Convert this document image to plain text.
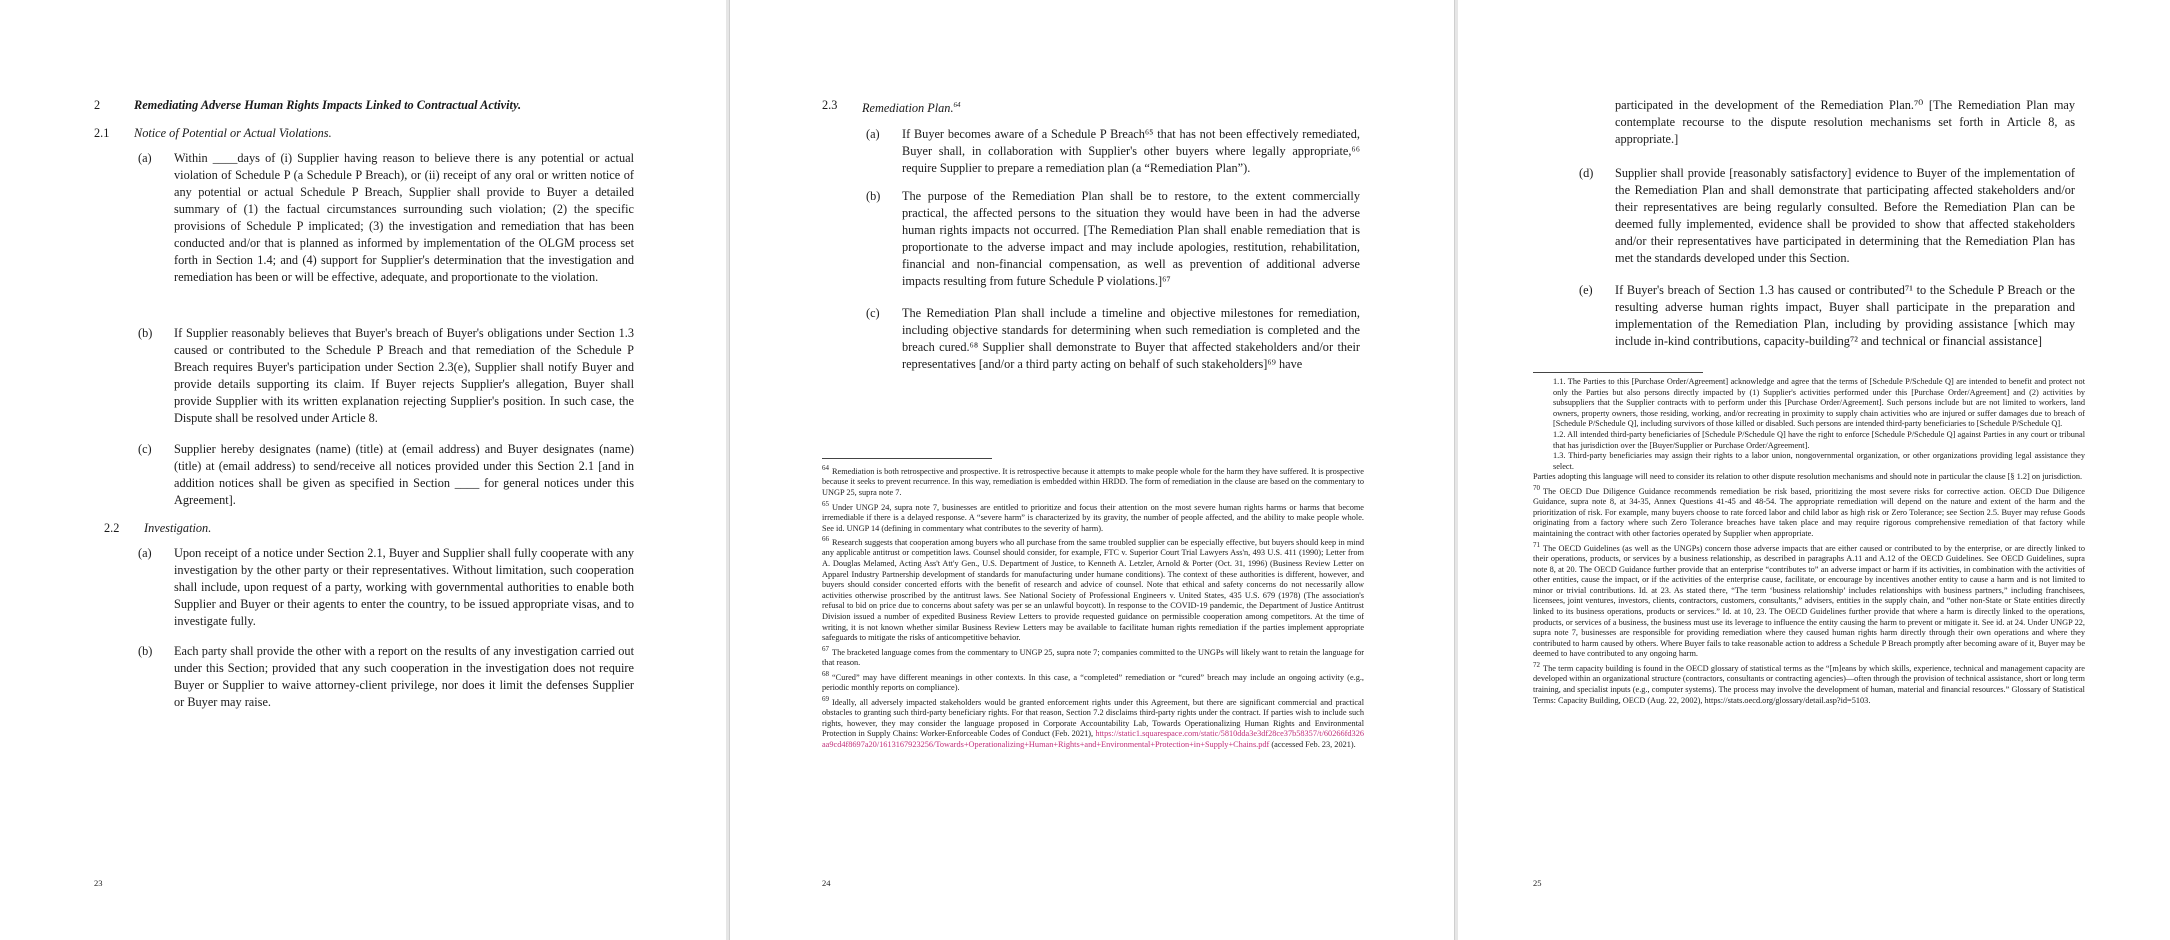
2	Remediating Adverse Human Rights Impacts Linked to Contractual Activity.
2.1 Notice of Potential or Actual Violations.
(a) Within ____days of (i) Supplier having reason to believe there is any potential or actual violation of Schedule P (a Schedule P Breach), or (ii) receipt of any oral or written notice of any potential or actual Schedule P Breach, Supplier shall provide to Buyer a detailed summary of (1) the factual circumstances surrounding such violation; (2) the specific provisions of Schedule P implicated; (3) the investigation and remediation that has been conducted and/or that is planned as informed by implementation of the OLGM process set forth in Section 1.4; and (4) support for Supplier's determination that the investigation and remediation has been or will be effective, adequate, and proportionate to the violation.
(b) If Supplier reasonably believes that Buyer's breach of Buyer's obligations under Section 1.3 caused or contributed to the Schedule P Breach and that remediation of the Schedule P Breach requires Buyer's participation under Section 2.3(e), Supplier shall notify Buyer and provide details supporting its claim. If Buyer rejects Supplier's allegation, Buyer shall provide Supplier with its written explanation rejecting Supplier's position. In such case, the Dispute shall be resolved under Article 8.
(c) Supplier hereby designates (name) (title) at (email address) and Buyer designates (name) (title) at (email address) to send/receive all notices provided under this Section 2.1 [and in addition notices shall be given as specified in Section ____ for general notices under this Agreement].
2.2 Investigation.
(a) Upon receipt of a notice under Section 2.1, Buyer and Supplier shall fully cooperate with any investigation by the other party or their representatives. Without limitation, such cooperation shall include, upon request of a party, working with governmental authorities to enable both Supplier and Buyer or their agents to enter the country, to be issued appropriate visas, and to investigate fully.
(b) Each party shall provide the other with a report on the results of any investigation carried out under this Section; provided that any such cooperation in the investigation does not require Buyer or Supplier to waive attorney-client privilege, nor does it limit the defenses Supplier or Buyer may raise.
23
2.3 Remediation Plan.$^{64}$
(a) If Buyer becomes aware of a Schedule P Breach⁶⁵ that has not been effectively remediated, Buyer shall, in collaboration with Supplier's other buyers where legally appropriate,⁶⁶ require Supplier to prepare a remediation plan (a “Remediation Plan”).
(b) The purpose of the Remediation Plan shall be to restore, to the extent commercially practical, the affected persons to the situation they would have been in had the adverse human rights impacts not occurred. [The Remediation Plan shall enable remediation that is proportionate to the adverse impact and may include apologies, restitution, rehabilitation, financial and non-financial compensation, as well as prevention of additional adverse impacts resulting from future Schedule P violations.]⁶⁷
(c) The Remediation Plan shall include a timeline and objective milestones for remediation, including objective standards for determining when such remediation is completed and the breach cured.⁶⁸ Supplier shall demonstrate to Buyer that affected stakeholders and/or their representatives [and/or a third party acting on behalf of such stakeholders]⁶⁹ have
$^{64}$ Remediation is both retrospective and prospective. It is retrospective because it attempts to make people whole for the harm they have suffered. It is prospective because it seeks to prevent recurrence. In this way, remediation is embedded within HRDD. The form of remediation in the clause are based on the commentary to UNGP 25, supra note 7.
$^{65}$ Under UNGP 24, supra note 7, businesses are entitled to prioritize and focus their attention on the most severe human rights harms or harms that become irremediable if there is a delayed response. A “severe harm” is characterized by its gravity, the number of people affected, and the ability to make people whole. See id. UNGP 14 (defining in commentary what contributes to the severity of harm).
$^{66}$ Research suggests that cooperation among buyers who all purchase from the same troubled supplier can be especially effective, but buyers should keep in mind any applicable antitrust or competition laws. Counsel should consider, for example, FTC v. Superior Court Trial Lawyers Ass'n, 493 U.S. 411 (1990); Letter from A. Douglas Melamed, Acting Ass't Att'y Gen., U.S. Department of Justice, to Kenneth A. Letzler, Arnold & Porter (Oct. 31, 1996) (Business Review Letter on Apparel Industry Partnership development of standards for manufacturing under humane conditions). The context of these authorities is different, however, and buyers should consider concerted efforts with the benefit of research and advice of counsel. Note that ethical and safety concerns do not necessarily allow activities otherwise proscribed by the antitrust laws. See National Society of Professional Engineers v. United States, 435 U.S. 679 (1978) (The association's refusal to bid on price due to concerns about safety was per se an unlawful boycott). In response to the COVID-19 pandemic, the Department of Justice Antitrust Division issued a number of expedited Business Review Letters to provide requested guidance on permissible cooperation among competitors. At the time of writing, it is not known whether similar Business Review Letters may be available to facilitate human rights remediation if the parties implement appropriate safeguards to mitigate the risks of anticompetitive behavior.
$^{67}$ The bracketed language comes from the commentary to UNGP 25, supra note 7; companies committed to the UNGPs will likely want to retain the language for that reason.
$^{68}$ “Cured” may have different meanings in other contexts. In this case, a “completed” remediation or “cured” breach may include an ongoing activity (e.g., periodic monthly reports on compliance).
$^{69}$ Ideally, all adversely impacted stakeholders would be granted enforcement rights under this Agreement, but there are significant commercial and practical obstacles to granting such third-party beneficiary rights. For that reason, Section 7.2 disclaims third-party rights under the contract. If parties wish to include such rights, however, they may consider the language proposed in Corporate Accountability Lab, Towards Operationalizing Human Rights and Environmental Protection in Supply Chains: Worker-Enforceable Codes of Conduct (Feb. 2021), https://static1.squarespace.com/static/5810dda3e3df28ce37b58357/t/60266fd326aa9cd4f8697a20/1613167923256/Towards+Operationalizing+Human+Rights+and+Environmental+Protection+in+Supply+Chains.pdf (accessed Feb. 23, 2021).
24
participated in the development of the Remediation Plan.⁷⁰ [The Remediation Plan may contemplate recourse to the dispute resolution mechanisms set forth in Article 8, as appropriate.]
(d) Supplier shall provide [reasonably satisfactory] evidence to Buyer of the implementation of the Remediation Plan and shall demonstrate that participating affected stakeholders and/or their representatives are being regularly consulted. Before the Remediation Plan can be deemed fully implemented, evidence shall be provided to show that affected stakeholders and/or their representatives have participated in determining that the Remediation Plan has met the standards developed under this Section.
(e) If Buyer's breach of Section 1.3 has caused or contributed⁷¹ to the Schedule P Breach or the resulting adverse human rights impact, Buyer shall participate in the preparation and implementation of the Remediation Plan, including by providing assistance [which may include in-kind contributions, capacity-building⁷² and technical or financial assistance]
1.1. The Parties to this [Purchase Order/Agreement] acknowledge and agree that the terms of [Schedule P/Schedule Q] are intended to benefit and protect not only the Parties but also persons directly impacted by (1) Supplier's activities performed under this [Purchase Order/Agreement] and (2) activities by subsuppliers that the Supplier contracts with to perform under this [Purchase Order/Agreement]. Such persons include but are not limited to workers, land owners, property owners, those residing, working, and/or recreating in proximity to supply chain activities who are injured or suffer damages due to breach of [Schedule P/Schedule Q], including survivors of those killed or disabled. Such persons are intended third-party beneficiaries to [Schedule P/Schedule Q].
1.2. All intended third-party beneficiaries of [Schedule P/Schedule Q] have the right to enforce [Schedule P/Schedule Q] against Parties in any court or tribunal that has jurisdiction over the [Buyer/Supplier or Purchase Order/Agreement].
1.3. Third-party beneficiaries may assign their rights to a labor union, nongovernmental organization, or other organizations providing legal assistance they select.
Parties adopting this language will need to consider its relation to other dispute resolution mechanisms and should note in particular the clause [§ 1.2] on jurisdiction.
$^{70}$ The OECD Due Diligence Guidance recommends remediation be risk based, prioritizing the most severe risks for corrective action. OECD Due Diligence Guidance, supra note 8, at 34-35, Annex Questions 41-45 and 48-54. The appropriate remediation will depend on the nature and extent of the harm and the prioritization of risk. For example, many buyers choose to rate forced labor and child labor as high risk or Zero Tolerance; see Section 2.5. Buyer may refuse Goods originating from a factory where such Zero Tolerance breaches have taken place and may require rigorous comprehensive remediation of that factory while maintaining the contract with other factories operated by Supplier when appropriate.
$^{71}$ The OECD Guidelines (as well as the UNGPs) concern those adverse impacts that are either caused or contributed to by the enterprise, or are directly linked to their operations, products, or services by a business relationship, as described in paragraphs A.11 and A.12 of the OECD Guidelines. See OECD Guidelines, supra note 8, at 20. The OECD Guidance further provide that an enterprise “contributes to” an adverse impact or harm if its activities, in combination with the activities of other entities, cause the impact, or if the activities of the enterprise cause, facilitate, or encourage by incentives another entity to cause a harm and is not limited to minor or trivial contributions. Id. at 23. As stated there, “The term ‘business relationship’ includes relationships with business partners,” including franchisees, licensees, joint ventures, investors, clients, contractors, customers, consultants,” advisers, entities in the supply chain, and “other non-State or State entities directly linked to its business operations, products or services.” Id. at 10, 23. The OECD Guidelines further provide that where a harm is directly linked to the operations, products, or services of a business, the business must use its leverage to influence the entity causing the harm to prevent or mitigate it. See id. at 24. Under UNGP 22, supra note 7, businesses are responsible for providing remediation where they caused human rights harm directly through their own operations and where they contributed to harm caused by others. Where Buyer fails to take reasonable action to address a Schedule P Breach promptly after becoming aware of it, Buyer may be deemed to have contributed to any ongoing harm.
$^{72}$ The term capacity building is found in the OECD glossary of statistical terms as the “[m]eans by which skills, experience, technical and management capacity are developed within an organizational structure (contractors, consultants or contracting agencies)—often through the provision of technical assistance, short or long term training, and specialist inputs (e.g., computer systems). The process may involve the development of human, material and financial resources.” Glossary of Statistical Terms: Capacity Building, OECD (Aug. 22, 2002), https://stats.oecd.org/glossary/detail.asp?id=5103.
25
